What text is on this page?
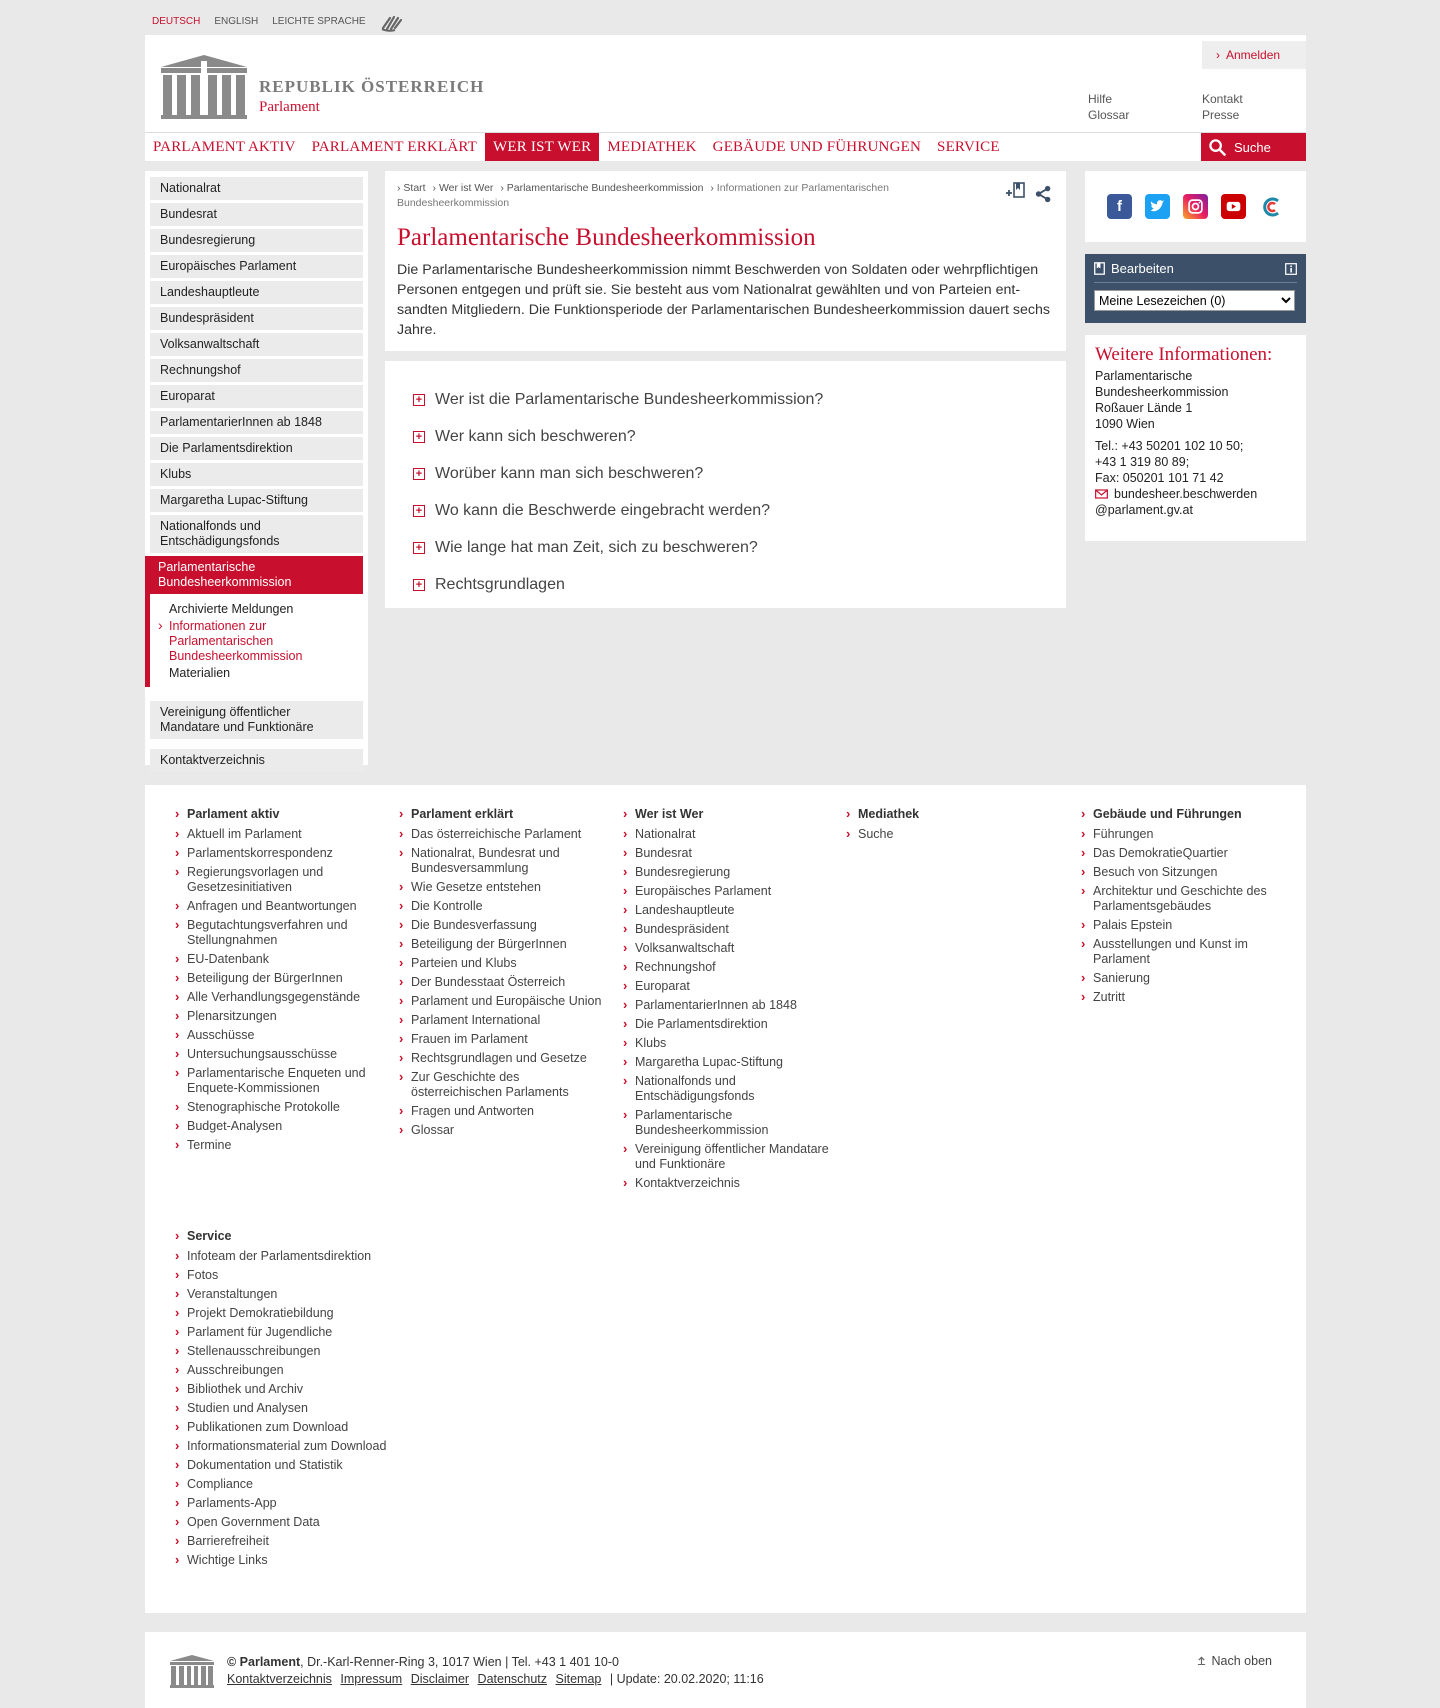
DEUTSCH ENGLISH LEICHTE SPRACHE
REPUBLIK ÖSTERREICH
Parlament
› Anmelden
Hilfe
Glossar
Kontakt
Presse
PARLAMENT AKTIV	PARLAMENT ERKLÄRT	WER IST WER	MEDIATHEK	GEBÄUDE UND FÜHRUNGEN	SERVICE	Suche
Nationalrat
Bundesrat
Bundesregierung
Europäisches Parlament
Landeshauptleute
Bundespräsident
Volksanwaltschaft
Rechnungshof
Europarat
ParlamentarierInnen ab 1848
Die Parlamentsdirektion
Klubs
Margaretha Lupac-Stiftung
Nationalfonds und Entschädigungsfonds
Parlamentarische Bundesheerkommission
Archivierte Meldungen
› Informationen zur Parlamentarischen Bundesheerkommission
Materialien
Vereinigung öffentlicher Mandatare und Funktionäre
Kontaktverzeichnis
› Start › Wer ist Wer › Parlamentarische Bundesheerkommission › Informationen zur Parlamentarischen Bundesheerkommission
Parlamentarische Bundesheerkommission

Die Parlamentarische Bundesheerkommission nimmt Beschwerden von Soldaten oder wehrpflichtigen Personen entgegen und prüft sie. Sie besteht aus vom Nationalrat gewählten und von Parteien entsandten Mitgliedern. Die Funktionsperiode der Parlamentarischen Bundesheerkommission dauert sechs Jahre.

+ Wer ist die Parlamentarische Bundesheerkommission?
+ Wer kann sich beschweren?
+ Worüber kann man sich beschweren?
+ Wo kann die Beschwerde eingebracht werden?
+ Wie lange hat man Zeit, sich zu beschweren?
+ Rechtsgrundlagen
f
Bearbeiten
Meine Lesezeichen (0)
Weitere Informationen:
Parlamentarische
Bundesheerkommission
Roßauer Lände 1
1090 Wien
Tel.: +43 50201 102 10 50;
+43 1 319 80 89;
Fax: 050201 101 71 42
bundesheer.beschwerden
@parlament.gv.at
› Parlament aktiv
› Aktuell im Parlament
› Parlamentskorrespondenz
› Regierungsvorlagen und Gesetzesinitiativen
› Anfragen und Beantwortungen
› Begutachtungsverfahren und Stellungnahmen
› EU-Datenbank
› Beteiligung der BürgerInnen
› Alle Verhandlungsgegenstände
› Plenarsitzungen
› Ausschüsse
› Untersuchungsausschüsse
› Parlamentarische Enqueten und Enquete-Kommissionen
› Stenographische Protokolle
› Budget-Analysen
› Termine
› Parlament erklärt
› Das österreichische Parlament
› Nationalrat, Bundesrat und Bundesversammlung
› Wie Gesetze entstehen
› Die Kontrolle
› Die Bundesverfassung
› Beteiligung der BürgerInnen
› Parteien und Klubs
› Der Bundesstaat Österreich
› Parlament und Europäische Union
› Parlament International
› Frauen im Parlament
› Rechtsgrundlagen und Gesetze
› Zur Geschichte des österreichischen Parlaments
› Fragen und Antworten
› Glossar
› Wer ist Wer
› Nationalrat
› Bundesrat
› Bundesregierung
› Europäisches Parlament
› Landeshauptleute
› Bundespräsident
› Volksanwaltschaft
› Rechnungshof
› Europarat
› ParlamentarierInnen ab 1848
› Die Parlamentsdirektion
› Klubs
› Margaretha Lupac-Stiftung
› Nationalfonds und Entschädigungsfonds
› Parlamentarische Bundesheerkommission
› Vereinigung öffentlicher Mandatare und Funktionäre
› Kontaktverzeichnis
› Mediathek
› Suche
› Gebäude und Führungen
› Führungen
› Das DemokratieQuartier
› Besuch von Sitzungen
› Architektur und Geschichte des Parlamentsgebäudes
› Palais Epstein
› Ausstellungen und Kunst im Parlament
› Sanierung
› Zutritt
› Service
› Infoteam der Parlamentsdirektion
› Fotos
› Veranstaltungen
› Projekt Demokratiebildung
› Parlament für Jugendliche
› Stellenausschreibungen
› Ausschreibungen
› Bibliothek und Archiv
› Studien und Analysen
› Publikationen zum Download
› Informationsmaterial zum Download
› Dokumentation und Statistik
› Compliance
› Parlaments-App
› Open Government Data
› Barrierefreiheit
› Wichtige Links
© Parlament, Dr.-Karl-Renner-Ring 3, 1017 Wien | Tel. +43 1 401 10-0
Kontaktverzeichnis Impressum Disclaimer Datenschutz Sitemap | Update: 20.02.2020; 11:16
Nach oben
